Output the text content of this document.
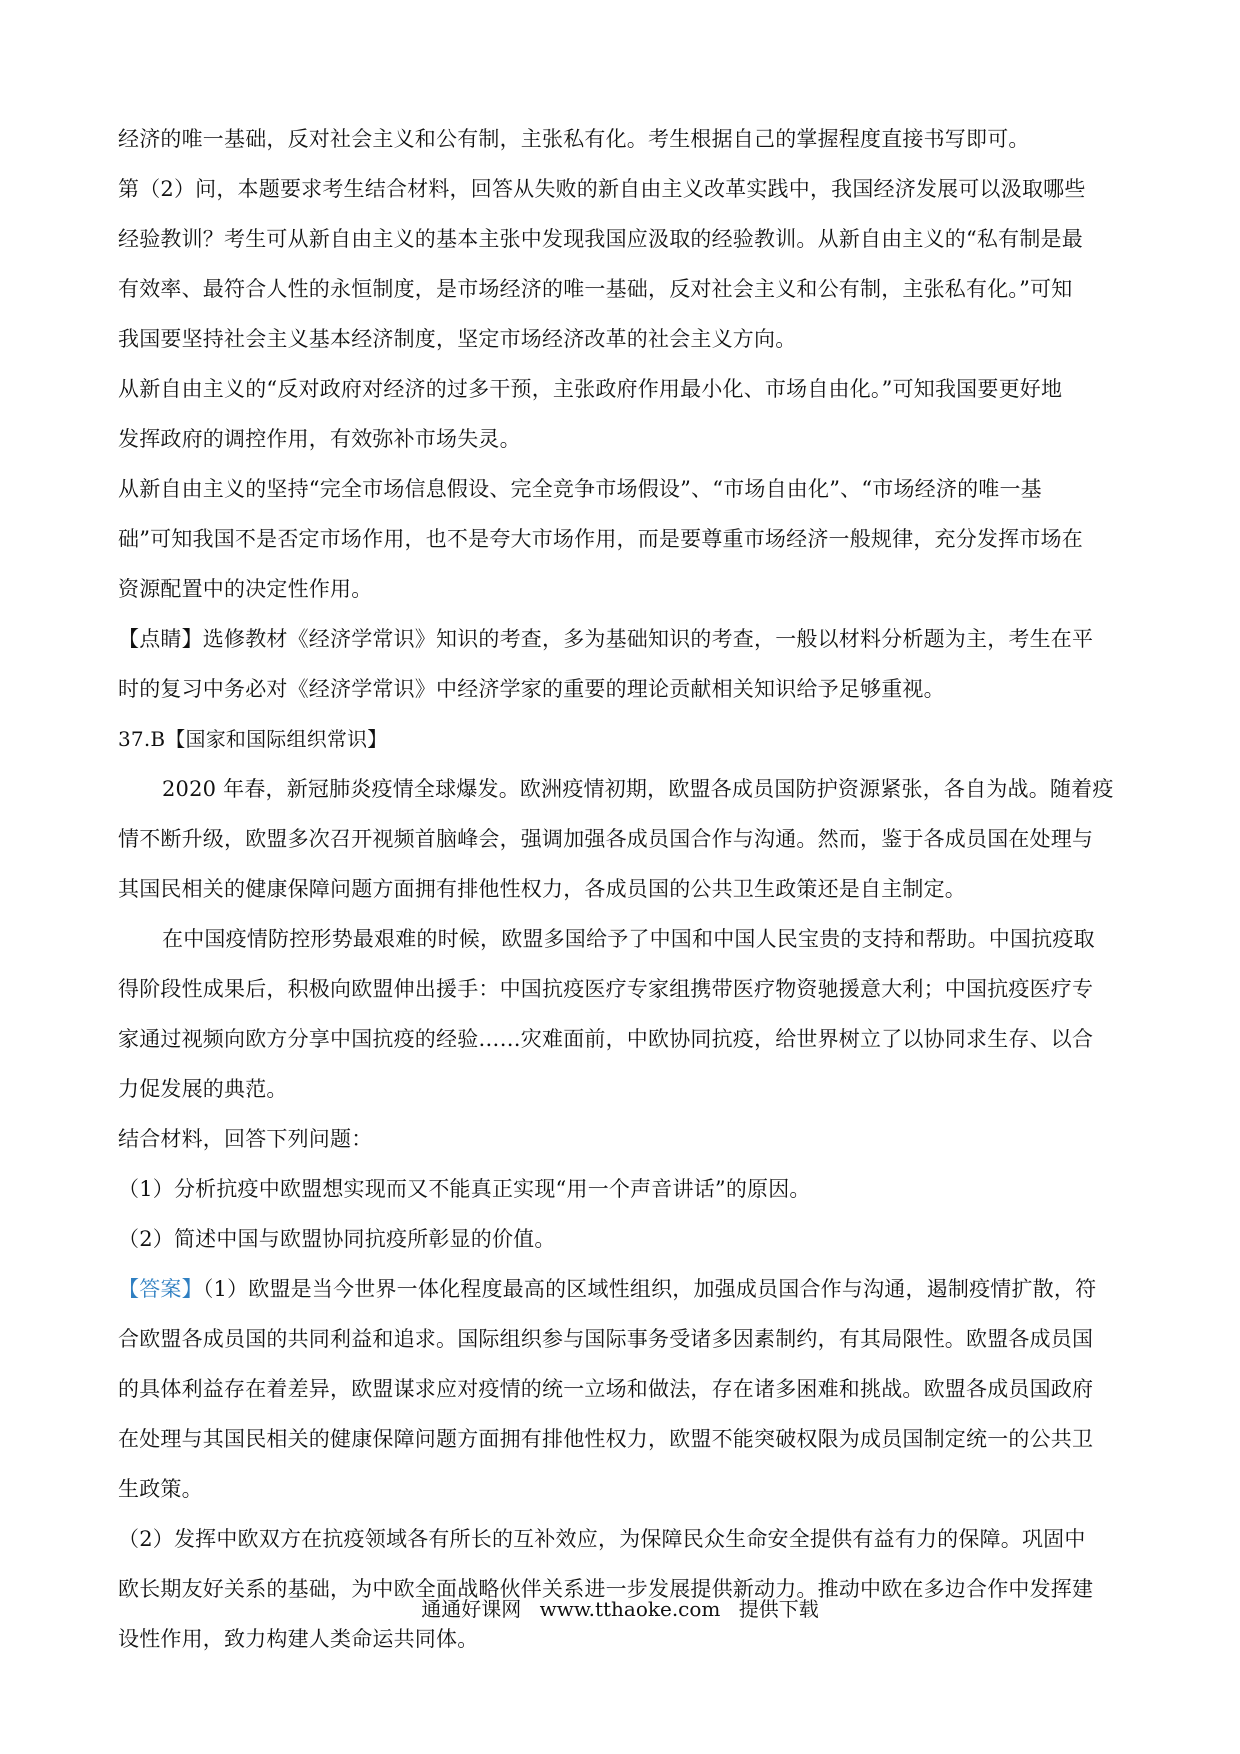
经济的唯一基础，反对社会主义和公有制，主张私有化。考生根据自己的掌握程度直接书写即可。
第（2）问，本题要求考生结合材料，回答从失败的新自由主义改革实践中，我国经济发展可以汲取哪些
经验教训？考生可从新自由主义的基本主张中发现我国应汲取的经验教训。从新自由主义的“私有制是最
有效率、最符合人性的永恒制度，是市场经济的唯一基础，反对社会主义和公有制，主张私有化。”可知
我国要坚持社会主义基本经济制度，坚定市场经济改革的社会主义方向。
从新自由主义的“反对政府对经济的过多干预，主张政府作用最小化、市场自由化。”可知我国要更好地
发挥政府的调控作用，有效弥补市场失灵。
从新自由主义的坚持“完全市场信息假设、完全竞争市场假设”、“市场自由化”、“市场经济的唯一基
础”可知我国不是否定市场作用，也不是夸大市场作用，而是要尊重市场经济一般规律，充分发挥市场在
资源配置中的决定性作用。
【点睛】选修教材《经济学常识》知识的考查，多为基础知识的考查，一般以材料分析题为主，考生在平
时的复习中务必对《经济学常识》中经济学家的重要的理论贡献相关知识给予足够重视。
37.B【国家和国际组织常识】
2020 年春，新冠肺炎疫情全球爆发。欧洲疫情初期，欧盟各成员国防护资源紧张，各自为战。随着疫
情不断升级，欧盟多次召开视频首脑峰会，强调加强各成员国合作与沟通。然而，鉴于各成员国在处理与
其国民相关的健康保障问题方面拥有排他性权力，各成员国的公共卫生政策还是自主制定。
在中国疫情防控形势最艰难的时候，欧盟多国给予了中国和中国人民宝贵的支持和帮助。中国抗疫取
得阶段性成果后，积极向欧盟伸出援手：中国抗疫医疗专家组携带医疗物资驰援意大利；中国抗疫医疗专
家通过视频向欧方分享中国抗疫的经验……灾难面前，中欧协同抗疫，给世界树立了以协同求生存、以合
力促发展的典范。
结合材料，回答下列问题：
（1）分析抗疫中欧盟想实现而又不能真正实现“用一个声音讲话”的原因。
（2）简述中国与欧盟协同抗疫所彰显的价值。
【答案】（1）欧盟是当今世界一体化程度最高的区域性组织，加强成员国合作与沟通，遏制疫情扩散，符
合欧盟各成员国的共同利益和追求。国际组织参与国际事务受诸多因素制约，有其局限性。欧盟各成员国
的具体利益存在着差异，欧盟谋求应对疫情的统一立场和做法，存在诸多困难和挑战。欧盟各成员国政府
在处理与其国民相关的健康保障问题方面拥有排他性权力，欧盟不能突破权限为成员国制定统一的公共卫
生政策。
（2）发挥中欧双方在抗疫领域各有所长的互补效应，为保障民众生命安全提供有益有力的保障。巩固中
欧长期友好关系的基础，为中欧全面战略伙伴关系进一步发展提供新动力。推动中欧在多边合作中发挥建
设性作用，致力构建人类命运共同体。
通通好课网 www.tthaoke.com 提供下载
